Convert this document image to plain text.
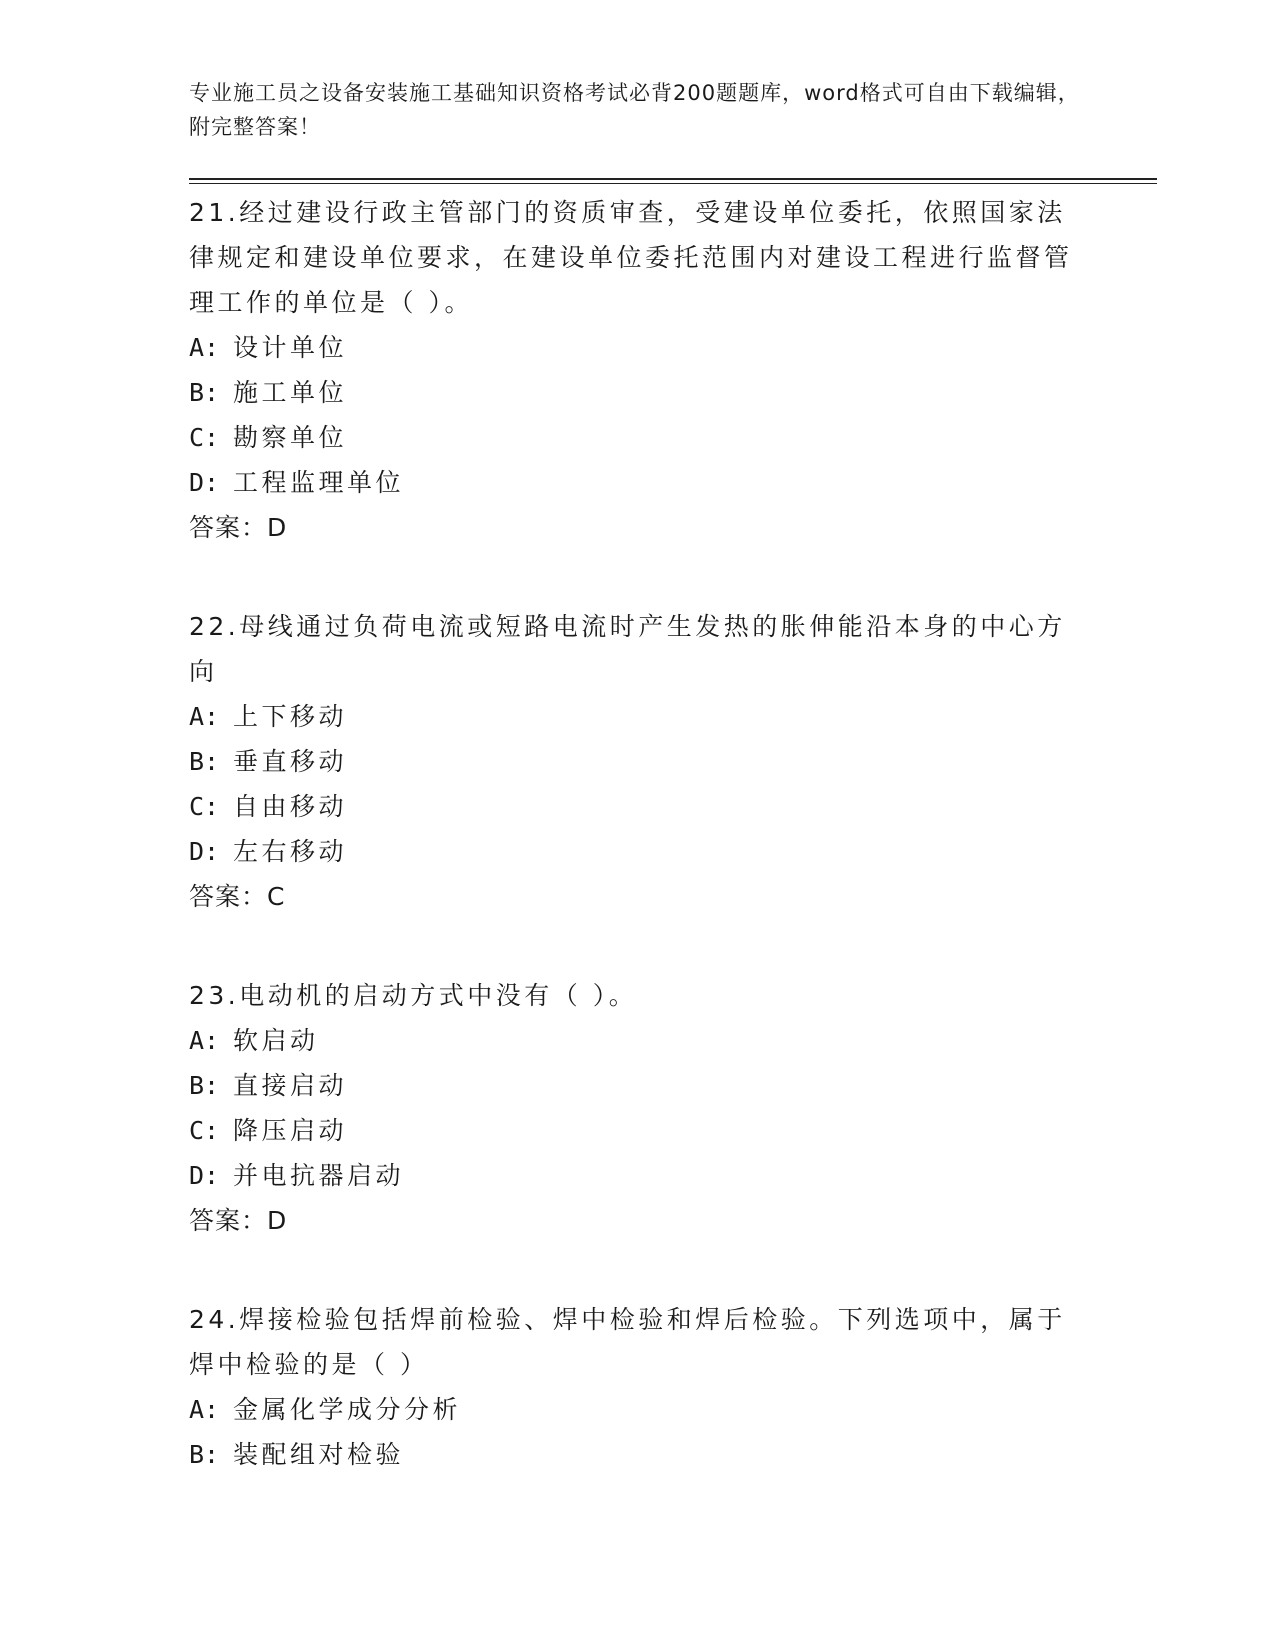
专业施工员之设备安装施工基础知识资格考试必背200题题库，word格式可自由下载编辑，附完整答案！

21.经过建设行政主管部门的资质审查，受建设单位委托，依照国家法律规定和建设单位要求，在建设单位委托范围内对建设工程进行监督管理工作的单位是（ ）。

A: 设计单位

B: 施工单位

C: 勘察单位

D: 工程监理单位

答案：D

22.母线通过负荷电流或短路电流时产生发热的胀伸能沿本身的中心方向

A: 上下移动

B: 垂直移动

C: 自由移动

D: 左右移动

答案：C

23.电动机的启动方式中没有（ ）。

A: 软启动

B: 直接启动

C: 降压启动

D: 并电抗器启动

答案：D

24.焊接检验包括焊前检验、焊中检验和焊后检验。下列选项中，属于焊中检验的是（ ）

A: 金属化学成分分析

B: 装配组对检验
